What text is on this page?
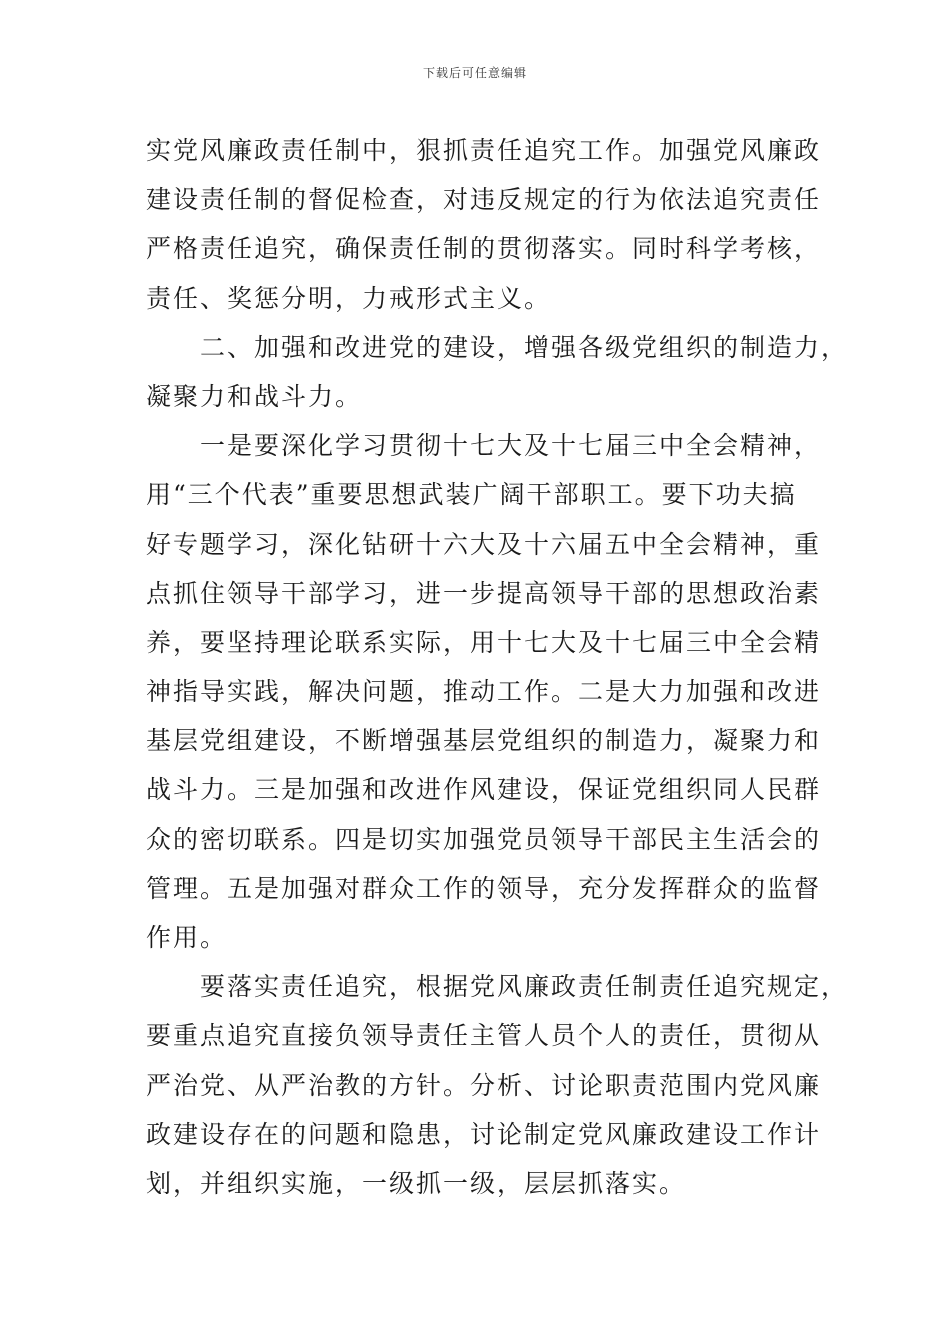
下载后可任意编辑
实党风廉政责任制中，狠抓责任追究工作。加强党风廉政
建设责任制的督促检查，对违反规定的行为依法追究责任
严格责任追究，确保责任制的贯彻落实。同时科学考核，
责任、奖惩分明，力戒形式主义。
二、加强和改进党的建设，增强各级党组织的制造力，
凝聚力和战斗力。
一是要深化学习贯彻十七大及十七届三中全会精神，
用“三个代表”重要思想武装广阔干部职工。要下功夫搞
好专题学习，深化钻研十六大及十六届五中全会精神，重
点抓住领导干部学习，进一步提高领导干部的思想政治素
养，要坚持理论联系实际，用十七大及十七届三中全会精
神指导实践，解决问题，推动工作。二是大力加强和改进
基层党组建设，不断增强基层党组织的制造力，凝聚力和
战斗力。三是加强和改进作风建设，保证党组织同人民群
众的密切联系。四是切实加强党员领导干部民主生活会的
管理。五是加强对群众工作的领导，充分发挥群众的监督
作用。
要落实责任追究，根据党风廉政责任制责任追究规定，
要重点追究直接负领导责任主管人员个人的责任，贯彻从
严治党、从严治教的方针。分析、讨论职责范围内党风廉
政建设存在的问题和隐患，讨论制定党风廉政建设工作计
划，并组织实施，一级抓一级，层层抓落实。
